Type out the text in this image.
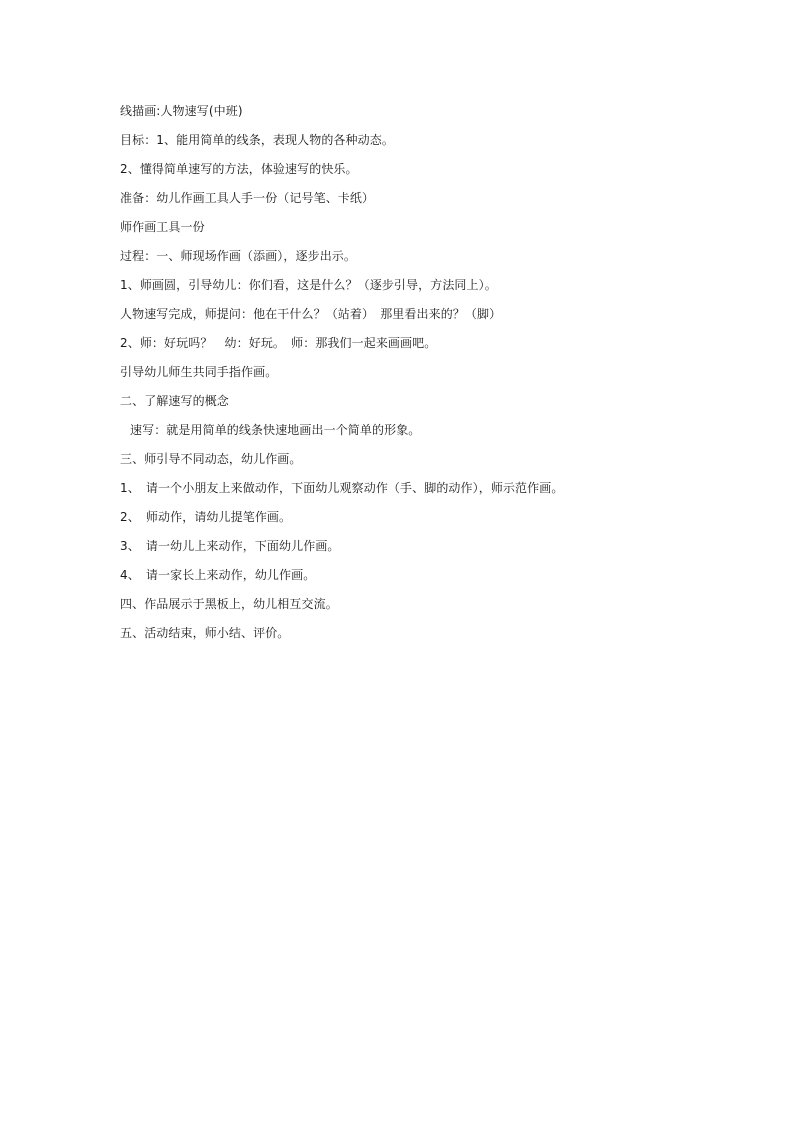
线描画:人物速写(中班)
目标：1、能用简单的线条，表现人物的各种动态。
2、懂得简单速写的方法，体验速写的快乐。
准备：幼儿作画工具人手一份（记号笔、卡纸）
师作画工具一份
过程：一、师现场作画（添画），逐步出示。
1、师画圆，引导幼儿：你们看，这是什么？（逐步引导，方法同上）。
人物速写完成，师提问：他在干什么？（站着）　那里看出来的？（脚）
2、师：好玩吗？　幼：好玩。　师：那我们一起来画画吧。
引导幼儿师生共同手指作画。
二、了解速写的概念
速写：就是用简单的线条快速地画出一个简单的形象。
三、师引导不同动态，幼儿作画。
1、　请一个小朋友上来做动作，下面幼儿观察动作（手、脚的动作），师示范作画。
2、　师动作，请幼儿提笔作画。
3、　请一幼儿上来动作，下面幼儿作画。
4、　请一家长上来动作，幼儿作画。
四、作品展示于黑板上，幼儿相互交流。
五、活动结束，师小结、评价。
